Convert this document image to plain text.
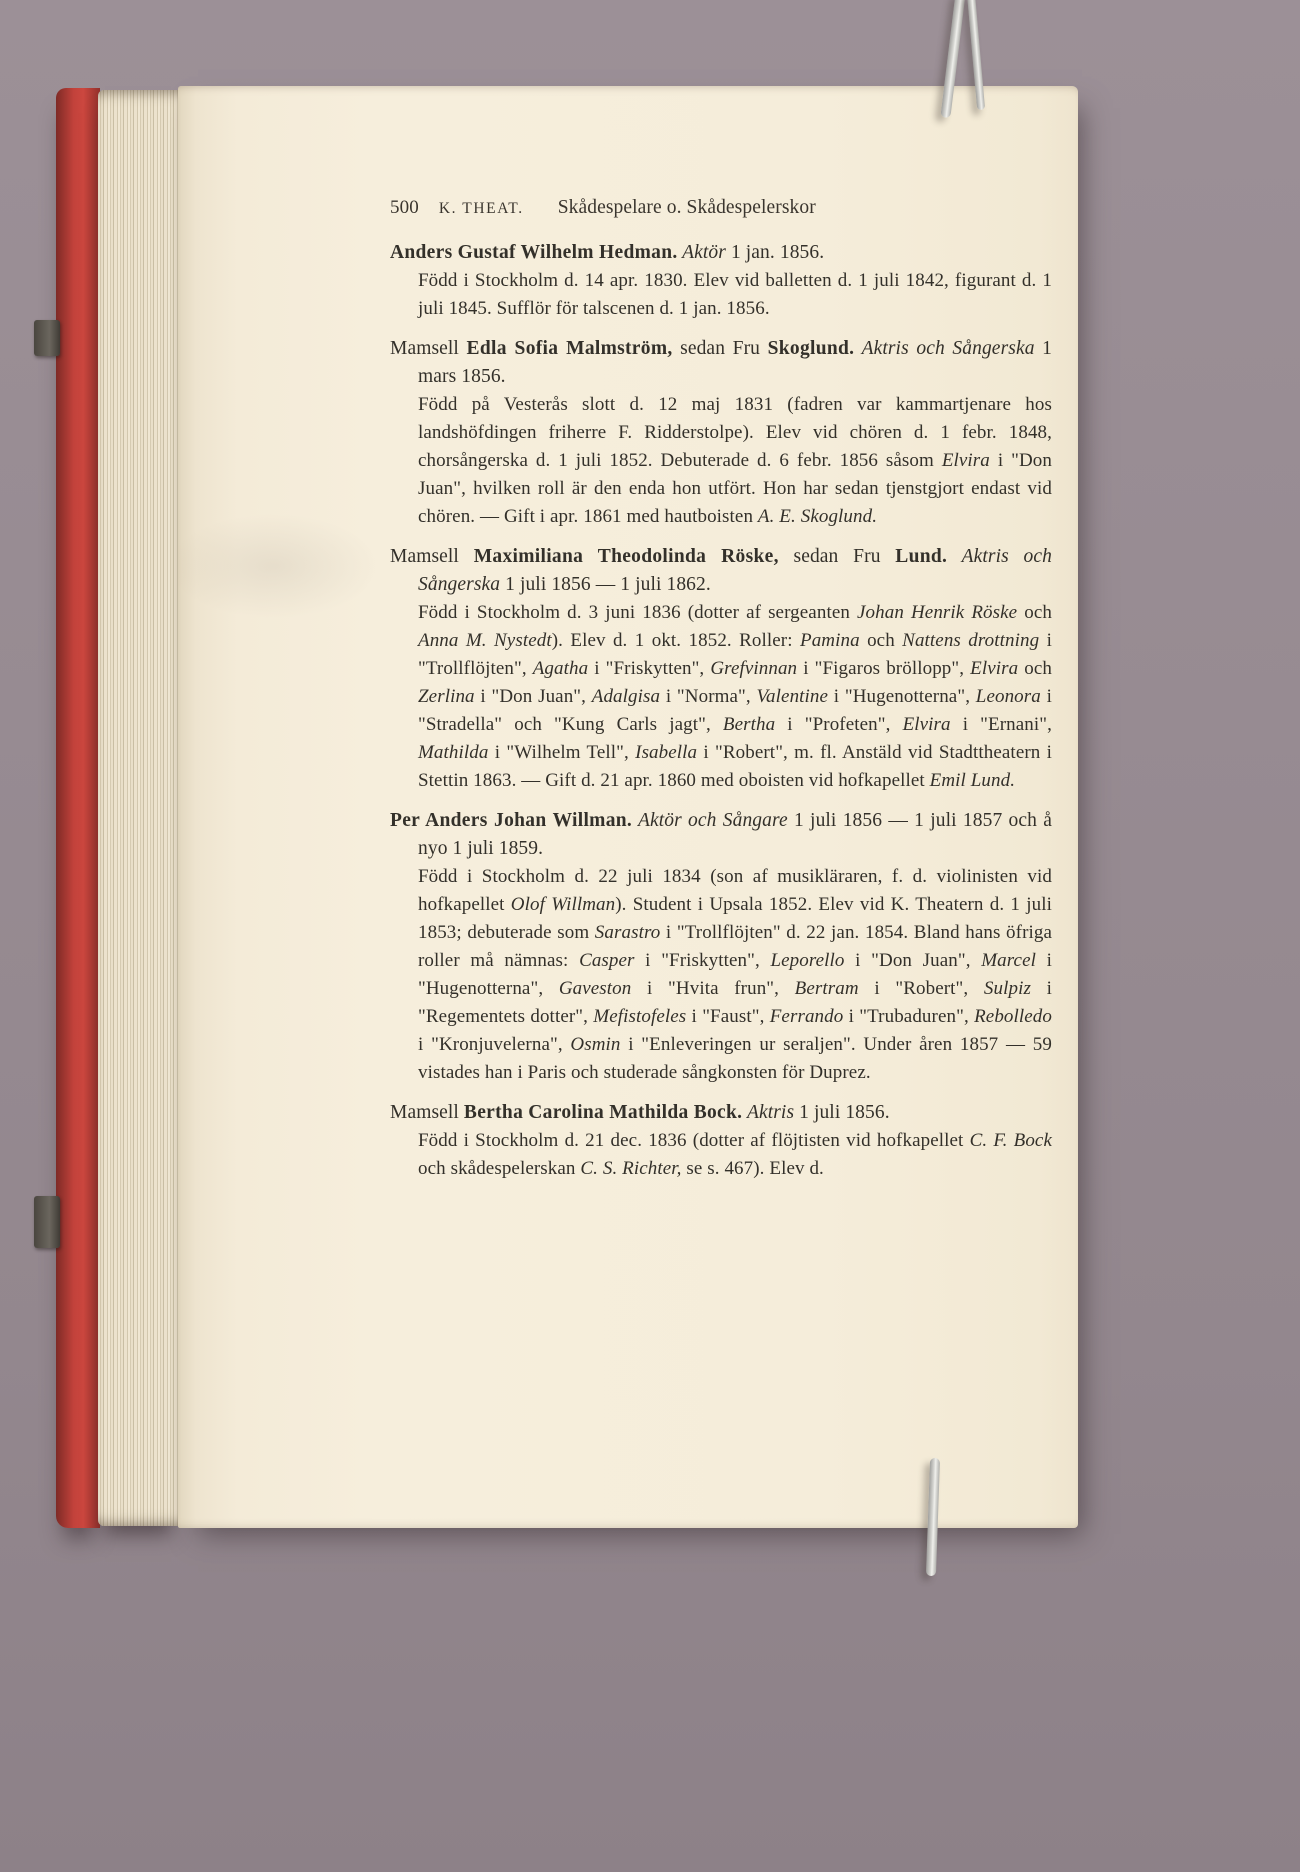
500 K. THEAT. Skådespelare o. Skådespelerskor

Anders Gustaf Wilhelm Hedman. Aktör 1 jan. 1856.

Född i Stockholm d. 14 apr. 1830. Elev vid balletten d. 1 juli 1842, figurant d. 1 juli 1845. Sufflör för talscenen d. 1 jan. 1856.

Mamsell Edla Sofia Malmström, sedan Fru Skoglund. Aktris och Sångerska 1 mars 1856.

Född på Vesterås slott d. 12 maj 1831 (fadren var kammartjenare hos landshöfdingen friherre F. Ridderstolpe). Elev vid chören d. 1 febr. 1848, chorsångerska d. 1 juli 1852. Debuterade d. 6 febr. 1856 såsom Elvira i "Don Juan", hvilken roll är den enda hon utfört. Hon har sedan tjenstgjort endast vid chören. — Gift i apr. 1861 med hautboisten A. E. Skoglund.

Mamsell Maximiliana Theodolinda Röske, sedan Fru Lund. Aktris och Sångerska 1 juli 1856 — 1 juli 1862.

Född i Stockholm d. 3 juni 1836 (dotter af sergeanten Johan Henrik Röske och Anna M. Nystedt). Elev d. 1 okt. 1852. Roller: Pamina och Nattens drottning i "Trollflöjten", Agatha i "Friskytten", Grefvinnan i "Figaros bröllopp", Elvira och Zerlina i "Don Juan", Adalgisa i "Norma", Valentine i "Hugenotterna", Leonora i "Stradella" och "Kung Carls jagt", Bertha i "Profeten", Elvira i "Ernani", Mathilda i "Wilhelm Tell", Isabella i "Robert", m. fl. Anstäld vid Stadttheatern i Stettin 1863. — Gift d. 21 apr. 1860 med oboisten vid hofkapellet Emil Lund.

Per Anders Johan Willman. Aktör och Sångare 1 juli 1856 — 1 juli 1857 och å nyo 1 juli 1859.

Född i Stockholm d. 22 juli 1834 (son af musikläraren, f. d. violinisten vid hofkapellet Olof Willman). Student i Upsala 1852. Elev vid K. Theatern d. 1 juli 1853; debuterade som Sarastro i "Trollflöjten" d. 22 jan. 1854. Bland hans öfriga roller må nämnas: Casper i "Friskytten", Leporello i "Don Juan", Marcel i "Hugenotterna", Gaveston i "Hvita frun", Bertram i "Robert", Sulpiz i "Regementets dotter", Mefistofeles i "Faust", Ferrando i "Trubaduren", Rebolledo i "Kronjuvelerna", Osmin i "Enleveringen ur seraljen". Under åren 1857 — 59 vistades han i Paris och studerade sångkonsten för Duprez.

Mamsell Bertha Carolina Mathilda Bock. Aktris 1 juli 1856.

Född i Stockholm d. 21 dec. 1836 (dotter af flöjtisten vid hofkapellet C. F. Bock och skådespelerskan C. S. Richter, se s. 467). Elev d.
